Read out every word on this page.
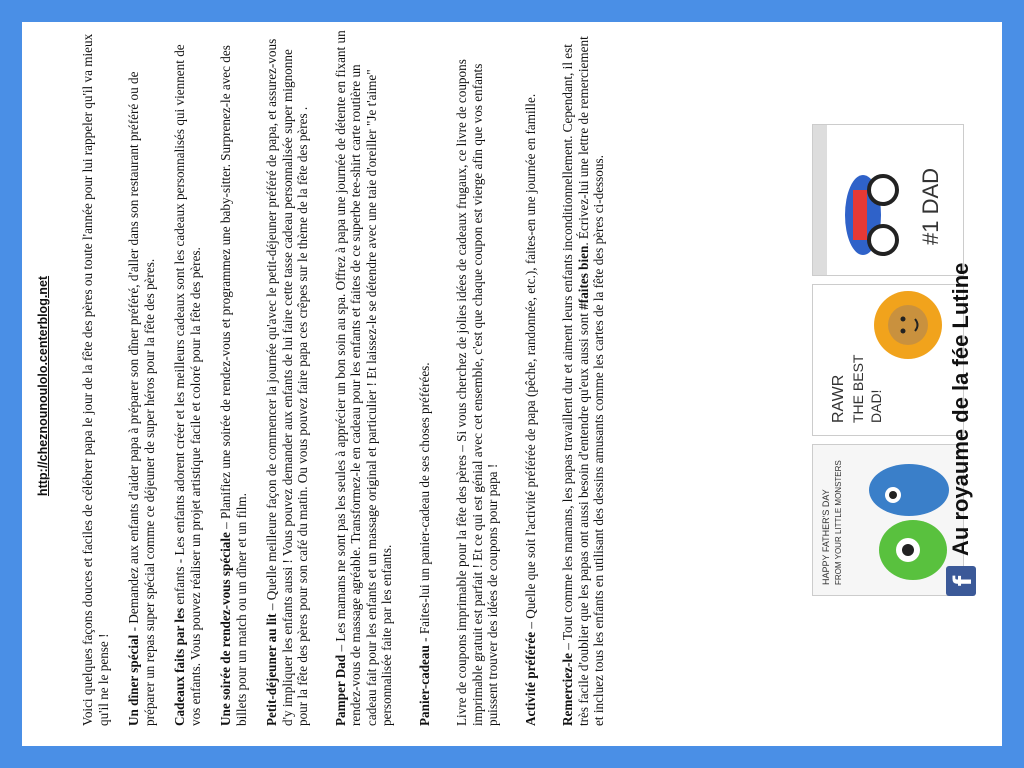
http://cheznounoulolo.centerblog.net Voici quelques façons douces et faciles de célébrer papa le jour de la fête des pères ou toute l'année pour lui rappeler qu'il va mieux qu'il ne le pense ! Un dîner spécial - Demandez aux enfants d'aider papa à préparer son dîner préféré, d'aller dans son restaurant préféré ou de préparer un repas super spécial comme ce déjeuner de super héros pour la fête des pères. Cadeaux faits par les enfants - Les enfants adorent créer et les meilleurs cadeaux sont les cadeaux personnalisés qui viennent de vos enfants. Vous pouvez réaliser un projet artistique facile et coloré pour la fête des pères. Une soirée de rendez-vous spéciale – Planifiez une soirée de rendez-vous et programmez une baby-sitter. Surprenez-le avec des billets pour un match ou un dîner et un film. Petit-déjeuner au lit – Quelle meilleure façon de commencer la journée qu'avec le petit-déjeuner préféré de papa, et assurez-vous d'y impliquer les enfants aussi ! Vous pouvez demander aux enfants de lui faire cette tasse cadeau personnalisée super mignonne pour la fête des pères pour son café du matin. Ou vous pouvez faire papa ces crêpes sur le thème de la fête des pères . Pamper Dad – Les mamans ne sont pas les seules à apprécier un bon soin au spa. Offrez à papa une journée de détente en fixant un rendez-vous de massage agréable. Transformez-le en cadeau pour les enfants et faites de ce superbe tee-shirt carte routière un cadeau fait pour les enfants et un massage original et particulier ! Et laissez-le se détendre avec une taie d'oreiller "Je t'aime" personnalisée faite par les enfants. Panier-cadeau - Faites-lui un panier-cadeau de ses choses préférées. Livre de coupons imprimable pour la fête des pères – Si vous cherchez de jolies idées de cadeaux frugaux, ce livre de coupons imprimable gratuit est parfait ! Et ce qui est génial avec cet ensemble, c'est que chaque coupon est vierge afin que vos enfants puissent trouver des idées de coupons pour papa ! Activité préférée – Quelle que soit l'activité préférée de papa (pêche, randonnée, etc.), faites-en une journée en famille.

Remerciez-le – Tout comme les mamans, les papas travaillent dur et aiment leurs enfants inconditionnellement. Cependant, il est très facile d'oublier que les papas ont aussi besoin d'entendre qu'eux aussi sont #faites bien. Écrivez-lui une lettre de remerciement et incluez tous les enfants en utilisant des dessins amusants comme les cartes de la fête des pères ci-dessous.	HAPPY FATHER'S DAY FROM YOUR LITTLE MONSTERS
RAWR THE BEST DAD!
#1 DAD
f
Au royaume de la fée Lutine
